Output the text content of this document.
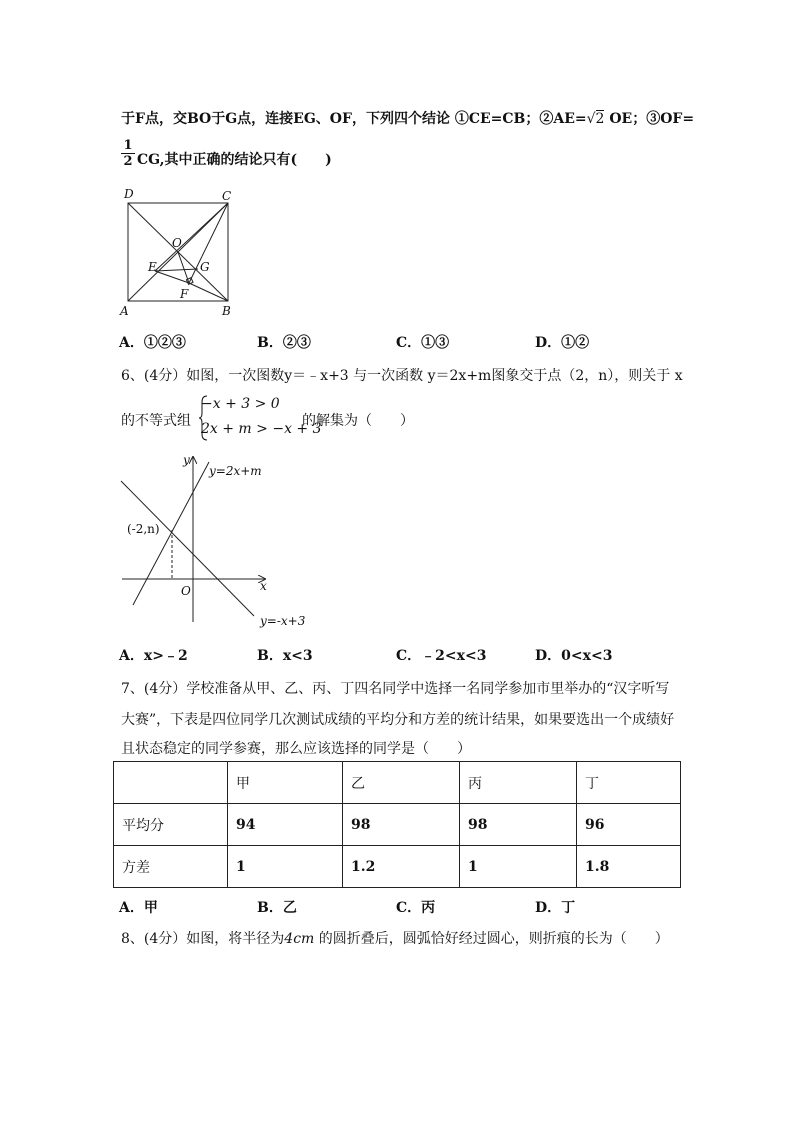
于F点，交BO于G点，连接EG、OF，下列四个结论 ①CE=CB；②AE=√2 OE；③OF=
$\frac{1}{2}$ CG,其中正确的结论只有(　　)
D	C
O
E	G
F
A	B
A．①②③	B．②③	C．①③	D．①②
6、(4分）如图，一次图数y＝﹣x+3 与一次函数 y＝2x+m图象交于点（2，n），则关于 x
的不等式组
−x + 3 > 0
2x + m > −x + 3
的解集为（　　）
y
x
O
y=2x+m
y=-x+3
(-2,n)
A．x>﹣2	B．x<3	C．﹣2<x<3	D．0<x<3
7、(4分）学校准备从甲、乙、丙、丁四名同学中选择一名同学参加市里举办的“汉字听写
大赛”，下表是四位同学几次测试成绩的平均分和方差的统计结果，如果要选出一个成绩好
且状态稳定的同学参赛，那么应该选择的同学是（　　）
	甲	乙	丙	丁
平均分	94	98	98	96
方差	1	1.2	1	1.8
A．甲	B．乙	C．丙	D．丁
8、(4分）如图，将半径为4cm 的圆折叠后，圆弧恰好经过圆心，则折痕的长为（　　）
